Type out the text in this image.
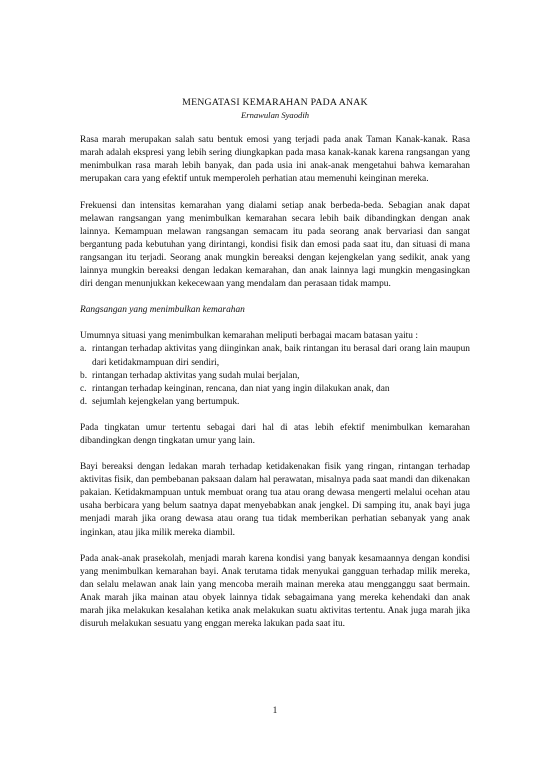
MENGATASI KEMARAHAN PADA ANAK

Ernawulan Syaodih

Rasa marah merupakan salah satu bentuk emosi yang terjadi pada anak Taman Kanak-kanak. Rasa marah adalah ekspresi yang lebih sering diungkapkan pada masa kanak-kanak karena rangsangan yang menimbulkan rasa marah lebih banyak, dan pada usia ini anak-anak mengetahui bahwa kemarahan merupakan cara yang efektif untuk memperoleh perhatian atau memenuhi keinginan mereka.

Frekuensi dan intensitas kemarahan yang dialami setiap anak berbeda-beda. Sebagian anak dapat melawan rangsangan yang menimbulkan kemarahan secara lebih baik dibandingkan dengan anak lainnya. Kemampuan melawan rangsangan semacam itu pada seorang anak bervariasi dan sangat bergantung pada kebutuhan yang dirintangi, kondisi fisik dan emosi pada saat itu, dan situasi di mana rangsangan itu terjadi. Seorang anak mungkin bereaksi dengan kejengkelan yang sedikit, anak yang lainnya mungkin bereaksi dengan ledakan kemarahan, dan anak lainnya lagi mungkin mengasingkan diri dengan menunjukkan kekecewaan yang mendalam dan perasaan tidak mampu.

Rangsangan yang menimbulkan kemarahan

Umumnya situasi yang menimbulkan kemarahan meliputi berbagai macam batasan yaitu :

a. rintangan terhadap aktivitas yang diinginkan anak, baik rintangan itu berasal dari orang lain maupun dari ketidakmampuan diri sendiri,
b. rintangan terhadap aktivitas yang sudah mulai berjalan,
c. rintangan terhadap keinginan, rencana, dan niat yang ingin dilakukan anak, dan
d. sejumlah kejengkelan yang bertumpuk.

Pada tingkatan umur tertentu sebagai dari hal di atas lebih efektif menimbulkan kemarahan dibandingkan dengn tingkatan umur yang lain.

Bayi bereaksi dengan ledakan marah terhadap ketidakenakan fisik yang ringan, rintangan terhadap aktivitas fisik, dan pembebanan paksaan dalam hal perawatan, misalnya pada saat mandi dan dikenakan pakaian. Ketidakmampuan untuk membuat orang tua atau orang dewasa mengerti melalui ocehan atau usaha berbicara yang belum saatnya dapat menyebabkan anak jengkel. Di samping itu, anak bayi juga menjadi marah jika orang dewasa atau orang tua tidak memberikan perhatian sebanyak yang anak inginkan, atau jika milik mereka diambil.

Pada anak-anak prasekolah, menjadi marah karena kondisi yang banyak kesamaannya dengan kondisi yang menimbulkan kemarahan bayi. Anak terutama tidak menyukai gangguan terhadap milik mereka, dan selalu melawan anak lain yang mencoba meraih mainan mereka atau mengganggu saat bermain. Anak marah jika mainan atau obyek lainnya tidak sebagaimana yang mereka kehendaki dan anak marah jika melakukan kesalahan ketika anak melakukan suatu aktivitas tertentu. Anak juga marah jika disuruh melakukan sesuatu yang enggan mereka lakukan pada saat itu.

1
